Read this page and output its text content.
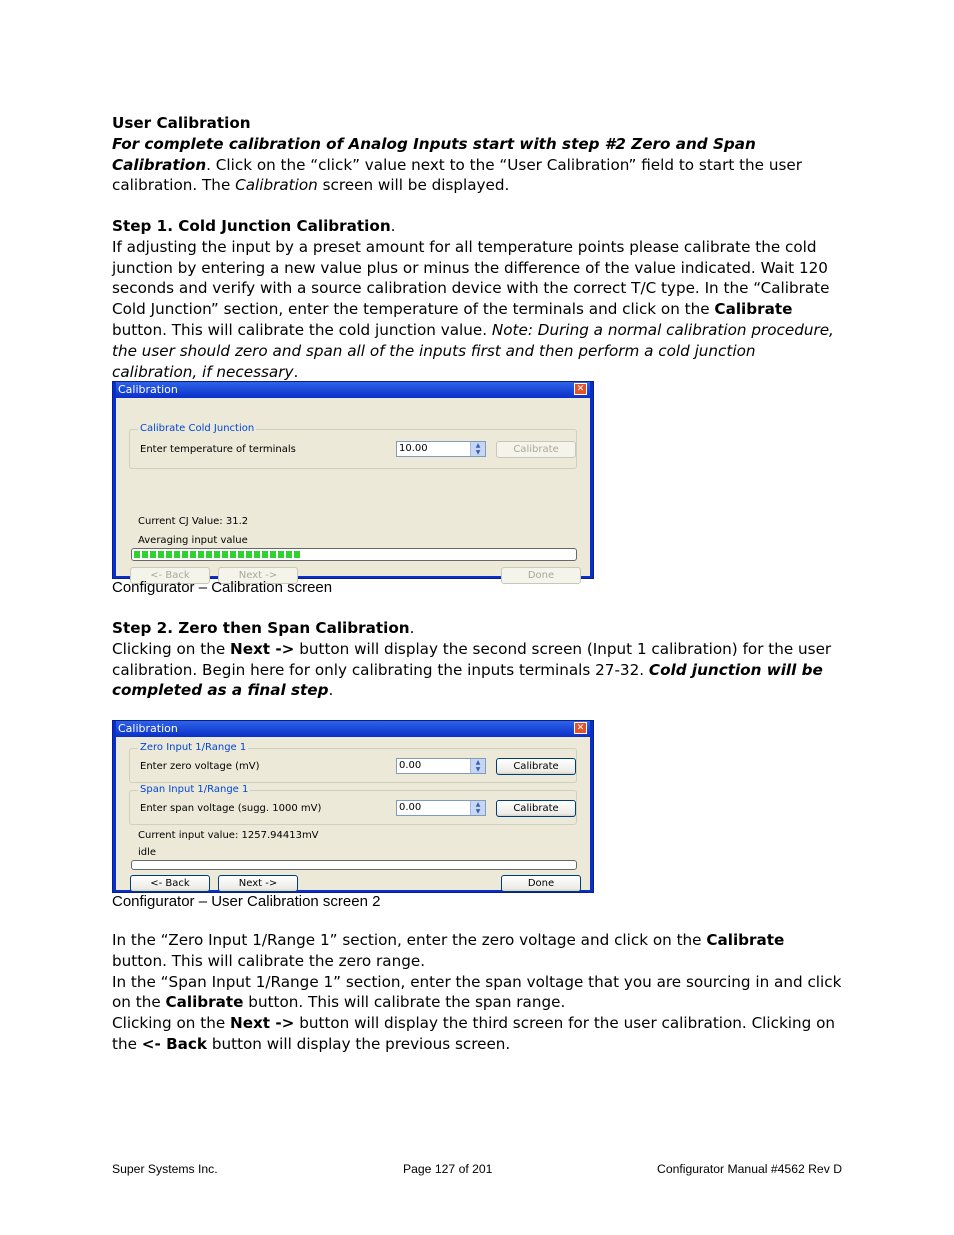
User Calibration

For complete calibration of Analog Inputs start with step #2 Zero and Span Calibration. Click on the “click” value next to the “User Calibration” field to start the user calibration. The Calibration screen will be displayed.

Step 1. Cold Junction Calibration.

If adjusting the input by a preset amount for all temperature points please calibrate the cold junction by entering a new value plus or minus the difference of the value indicated. Wait 120 seconds and verify with a source calibration device with the correct T/C type. In the “Calibrate Cold Junction” section, enter the temperature of the terminals and click on the Calibrate button. This will calibrate the cold junction value. Note: During a normal calibration procedure, the user should zero and span all of the inputs first and then perform a cold junction calibration, if necessary.

Calibration	✕
Calibrate Cold Junction
Enter temperature of terminals	10.00	▲
▼	Calibrate
Current CJ Value: 31.2
Averaging input value
<- Back	Next ->	Done

Configurator – Calibration screen

Step 2. Zero then Span Calibration.

Clicking on the Next -> button will display the second screen (Input 1 calibration) for the user calibration. Begin here for only calibrating the inputs terminals 27-32. Cold junction will be completed as a final step.

Calibration	✕
Zero Input 1/Range 1
Enter zero voltage (mV)	0.00	▲
▼	Calibrate
Span Input 1/Range 1
Enter span voltage (sugg. 1000 mV)	0.00	▲
▼	Calibrate
Current input value: 1257.94413mV
idle
<- Back	Next ->	Done

Configurator – User Calibration screen 2

In the “Zero Input 1/Range 1” section, enter the zero voltage and click on the Calibrate button. This will calibrate the zero range.

In the “Span Input 1/Range 1” section, enter the span voltage that you are sourcing in and click on the Calibrate button. This will calibrate the span range.

Clicking on the Next -> button will display the third screen for the user calibration. Clicking on the <- Back button will display the previous screen.

Super Systems Inc.	Page 127 of 201	Configurator Manual #4562 Rev D
